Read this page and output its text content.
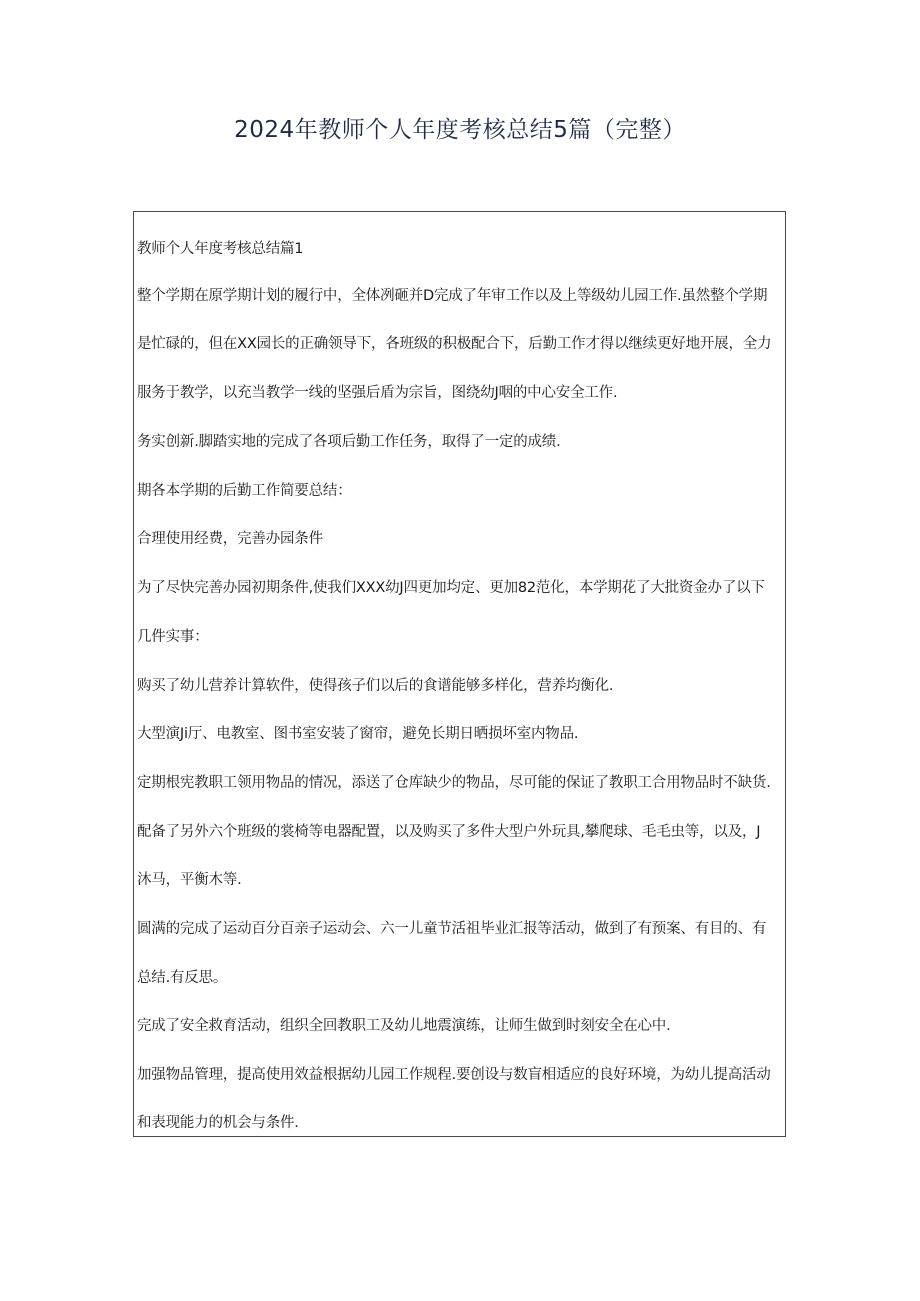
2024年教师个人年度考核总结5篇（完整）
教师个人年度考核总结篇1
整个学期在原学期计划的履行中，全体冽砸并D完成了年审工作以及上等级幼儿园工作.虽然整个学期
是忙碌的，但在XX园长的正确领导下，各班级的积极配合下，后勤工作才得以继续更好地开展，全力
服务于教学，以充当教学一线的坚强后盾为宗旨，图绕幼J咽的中心安全工作.
务实创新.脚踏实地的完成了各项后勤工作任务，取得了一定的成绩.
期各本学期的后勤工作简要总结：
合理使用经费，完善办园条件
为了尽快完善办园初期条件,使我们XXX幼J四更加均定、更加82范化，本学期花了大批资金办了以下
几件实事：
购买了幼儿营养计算软件，使得孩子们以后的食谱能够多样化，营养均衡化.
大型演Ji厅、电教室、图书室安装了窗帘，避免长期日晒损坏室内物品.
定期根宪教职工领用物品的情况，添送了仓库缺少的物品，尽可能的保证了教职工合用物品时不缺货.
配备了另外六个班级的裳椅等电器配置，以及购买了多件大型户外玩具,攀爬球、毛毛虫等，以及，J
沐马，平衡木等.
圆满的完成了运动百分百亲子运动会、六一儿童节活祖毕业汇报等活动，做到了有预案、有目的、有
总结.有反思。
完成了安全救育活动，组织全回教职工及幼儿地震演练，让师生做到时刻安全在心中.
加强物品管理，提高使用效益根据幼儿园工作规程.要创设与数盲相适应的良好环境，为幼儿提高活动
和表现能力的机会与条件.
